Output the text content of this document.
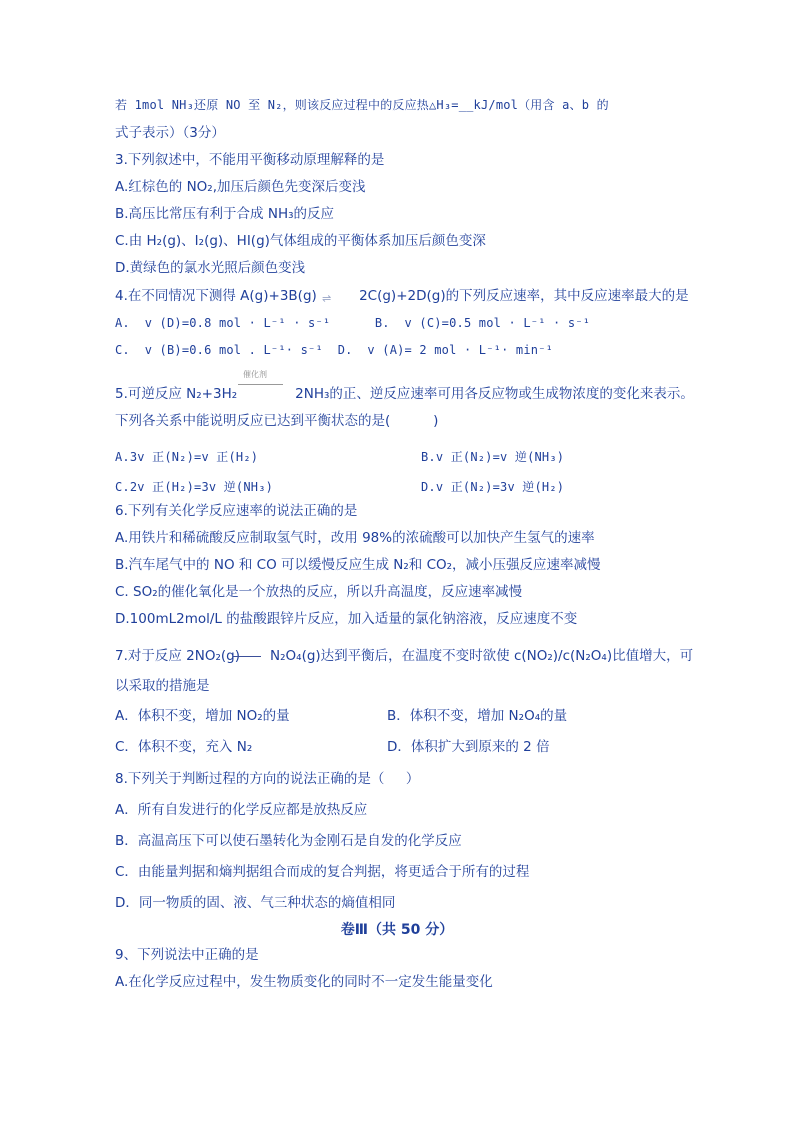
若 1mol NH₃还原 NO 至 N₂，则该反应过程中的反应热△H₃=__kJ/mol（用含 a、b 的
式子表示）（3分）
3.下列叙述中，不能用平衡移动原理解释的是
A.红棕色的 NO₂,加压后颜色先变深后变浅
B.高压比常压有利于合成 NH₃的反应
C.由 H₂(g)、I₂(g)、HI(g)气体组成的平衡体系加压后颜色变深
D.黄绿色的氯水光照后颜色变浅
4.在不同情况下测得 A(g)+3B(g)	2C(g)+2D(g)的下列反应速率，其中反应速率最大的是
⇌
A.  v (D)=0.8 mol · L⁻¹ · s⁻¹      B.  v (C)=0.5 mol · L⁻¹ · s⁻¹
C.  v (B)=0.6 mol . L⁻¹· s⁻¹  D.  v (A)= 2 mol · L⁻¹· min⁻¹
催化剂
5.可逆反应 N₂+3H₂	2NH₃的正、逆反应速率可用各反应物或生成物浓度的变化来表示。
下列各关系中能说明反应已达到平衡状态的是(          )
A.3v 正(N₂)=v 正(H₂)	B.v 正(N₂)=v 逆(NH₃)
C.2v 正(H₂)=3v 逆(NH₃)	D.v 正(N₂)=3v 逆(H₂)
6.下列有关化学反应速率的说法正确的是
A.用铁片和稀硫酸反应制取氢气时，改用 98%的浓硫酸可以加快产生氢气的速率
B.汽车尾气中的 NO 和 CO 可以缓慢反应生成 N₂和 CO₂，减小压强反应速率减慢
C. SO₂的催化氧化是一个放热的反应，所以升高温度，反应速率减慢
D.100mL2mol/L 的盐酸跟锌片反应，加入适量的氯化钠溶液，反应速度不变
7.对于反应 2NO₂(g) N₂O₄(g)达到平衡后，在温度不变时欲使 c(NO₂)/c(N₂O₄)比值增大，可
以采取的措施是
A．体积不变，增加 NO₂的量	B．体积不变，增加 N₂O₄的量
C．体积不变，充入 N₂	D．体积扩大到原来的 2 倍
8.下列关于判断过程的方向的说法正确的是（     ）
A．所有自发进行的化学反应都是放热反应
B．高温高压下可以使石墨转化为金刚石是自发的化学反应
C．由能量判据和熵判据组合而成的复合判据，将更适合于所有的过程
D．同一物质的固、液、气三种状态的熵值相同
卷Ⅲ（共 50 分）
9、下列说法中正确的是
A.在化学反应过程中，发生物质变化的同时不一定发生能量变化
